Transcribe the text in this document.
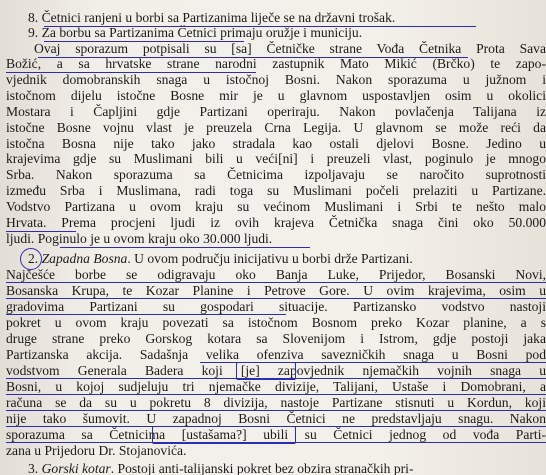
8. Četnici ranjeni u borbi sa Partizanima liječe se na državni trošak.
9. Za borbu sa Partizanima Četnici primaju oružje i municiju.
Ovaj sporazum potpisali su [sa] Četničke strane Vođa Četnika Prota Sava
Božić, a sa hrvatske strane narodni zastupnik Mato Mikić (Brčko) te zapo-
vjednik domobranskih snaga u istočnoj Bosni. Nakon sporazuma u južnom i
istočnom dijelu istočne Bosne mir je u glavnom uspostavljen osim u okolici
Mostara i Čapljini gdje Partizani operiraju. Nakon povlačenja Talijana iz
istočne Bosne vojnu vlast je preuzela Crna Legija. U glavnom se može reći da
istočna Bosna nije tako jako stradala kao ostali djelovi Bosne. Jedino u
krajevima gdje su Muslimani bili u veći[ni] i preuzeli vlast, poginulo je mnogo
Srba. Nakon sporazuma sa Četnicima izpoljavaju se naročito suprotnosti
između Srba i Muslimana, radi toga su Muslimani počeli prelaziti u Partizane.
Vodstvo Partizana u ovom kraju su većinom Muslimani i Srbi te nešto malo
Hrvata. Prema procjeni ljudi iz ovih krajeva Četnička snaga čini oko 50.000
ljudi. Poginulo je u ovom kraju oko 30.000 ljudi.
2. Zapadna Bosna. U ovom području inicijativu u borbi drže Partizani.
Najčešće borbe se odigravaju oko Banja Luke, Prijedor, Bosanski Novi,
Bosanska Krupa, te Kozar Planine i Petrove Gore. U ovim krajevima, osim u
gradovima Partizani su gospodari situacije. Partizansko vodstvo nastoji
pokret u ovom kraju povezati sa istočnom Bosnom preko Kozar planine, a s
druge strane preko Gorskog kotara sa Slovenijom i Istrom, gdje postoji jaka
Partizanska akcija. Sadašnja velika ofenziva savezničkih snaga u Bosni pod
vodstvom Generala Badera koji [je] zapovjednik njemačkih vojnih snaga u
Bosni, u kojoj sudjeluju tri njemačke divizije, Talijani, Ustaše i Domobrani, a
računa se da su u pokretu 8 divizija, nastoje Partizane stisnuti u Kordun, koji
nije tako šumovit. U zapadnoj Bosni Četnici ne predstavljaju snagu. Nakon
sporazuma sa Četnicima [ustašama?] ubili su Četnici jednog od vođa Parti-
zana u Prijedoru Dr. Stojanovića.
3. Gorski kotar. Postoji anti-talijanski pokret bez obzira stranačkih pri-
